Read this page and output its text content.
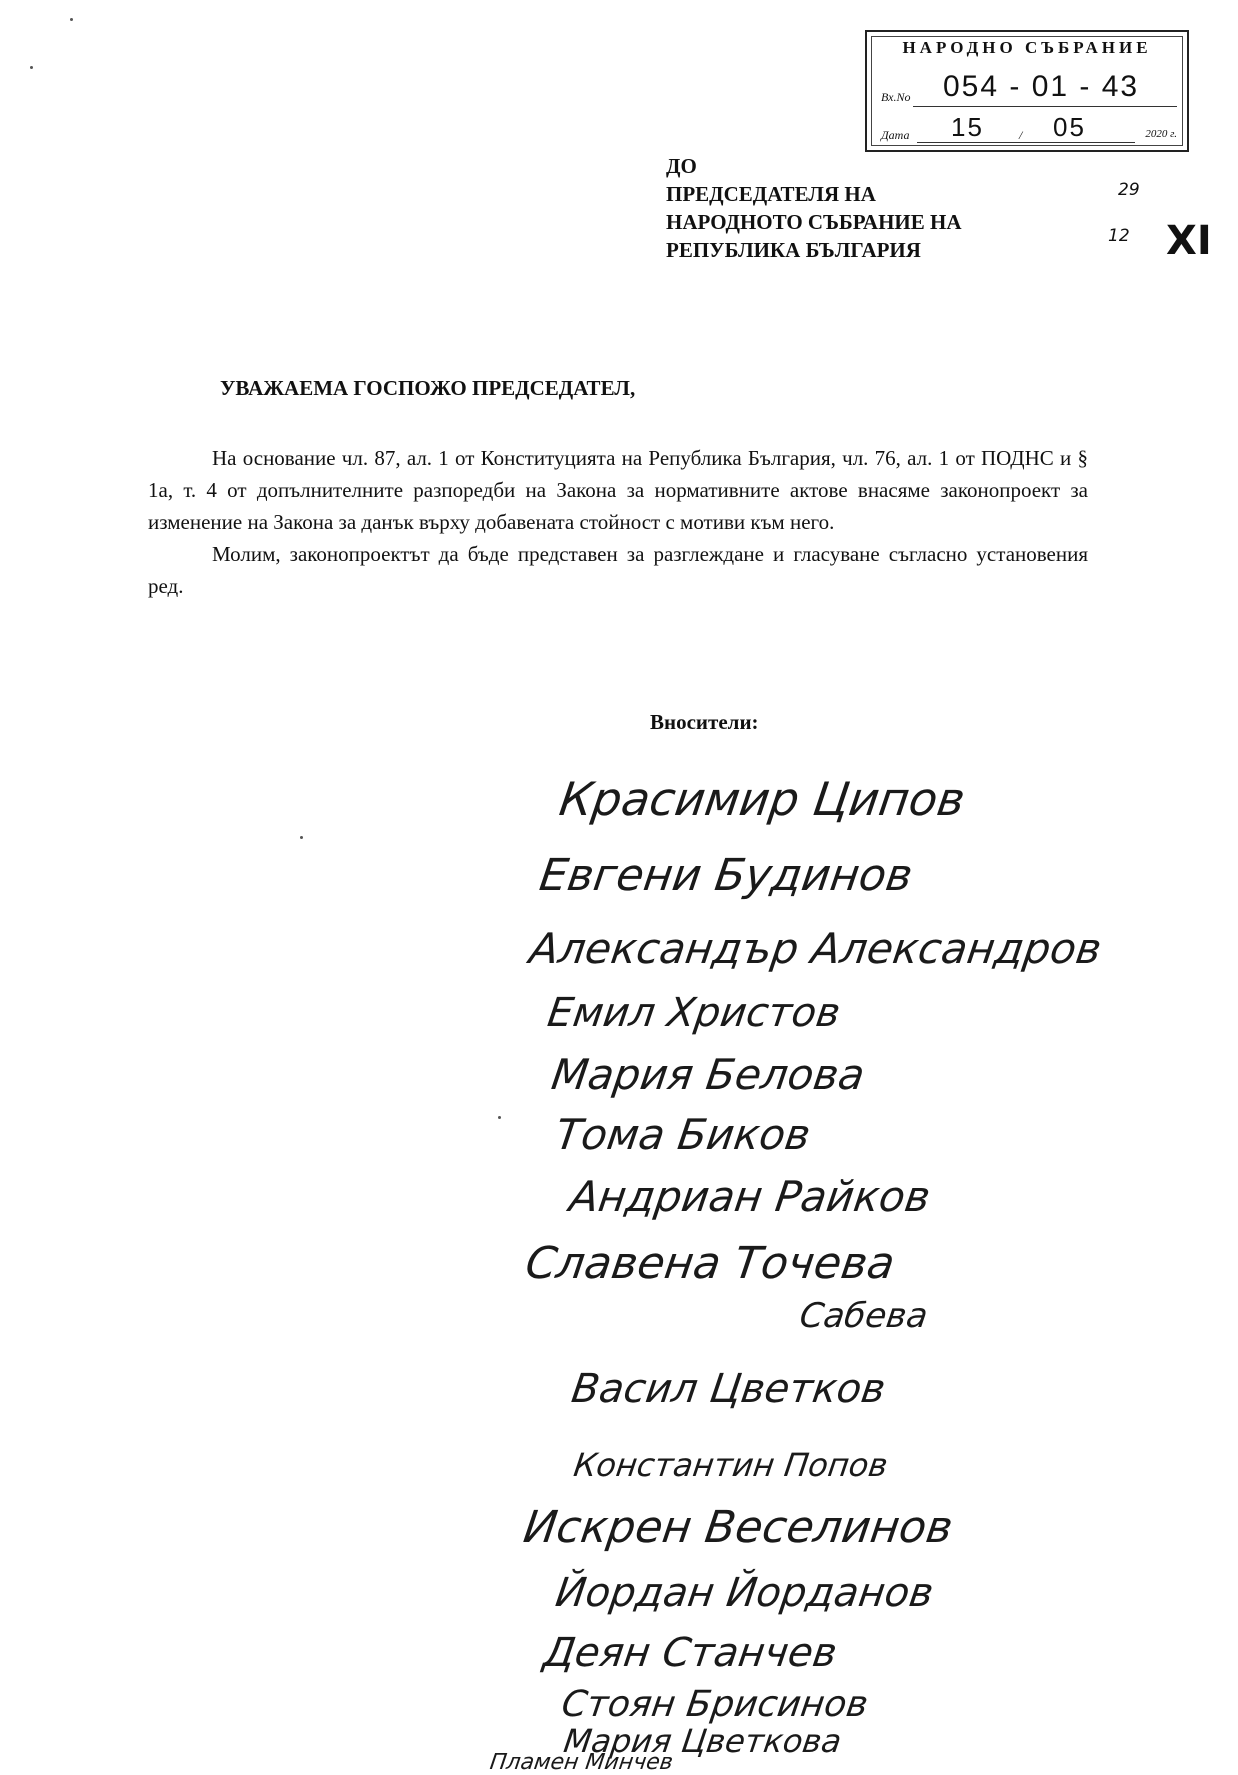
НАРОДНО СЪБРАНИЕ
Вх.No 054 - 01 - 43
Дата 15	/ 05	2020 г.
ДО
ПРЕДСЕДАТЕЛЯ НА
НАРОДНОТО СЪБРАНИЕ НА
РЕПУБЛИКА БЪЛГАРИЯ
29
12 XI
УВАЖАЕМА ГОСПОЖО ПРЕДСЕДАТЕЛ,

На основание чл. 87, ал. 1 от Конституцията на Република България, чл. 76, ал. 1 от ПОДНС и § 1а, т. 4 от допълнителните разпоредби на Закона за нормативните актове внасяме законопроект за изменение на Закона за данък върху добавената стойност с мотиви към него.

Молим, законопроектът да бъде представен за разглеждане и гласуване съгласно установения ред.

Вносители:
Красимир Ципов
Евгени Будинов
Александър Александров
Емил Христов
Мария Белова
Тома Биков
Андриан Райков
Славена Точева
Сабева
Васил Цветков
Константин Попов
Искрен Веселинов
Йордан Йорданов
Деян Станчев
Стоян Брисинов
Мария Цветкова
Пламен Минчев
